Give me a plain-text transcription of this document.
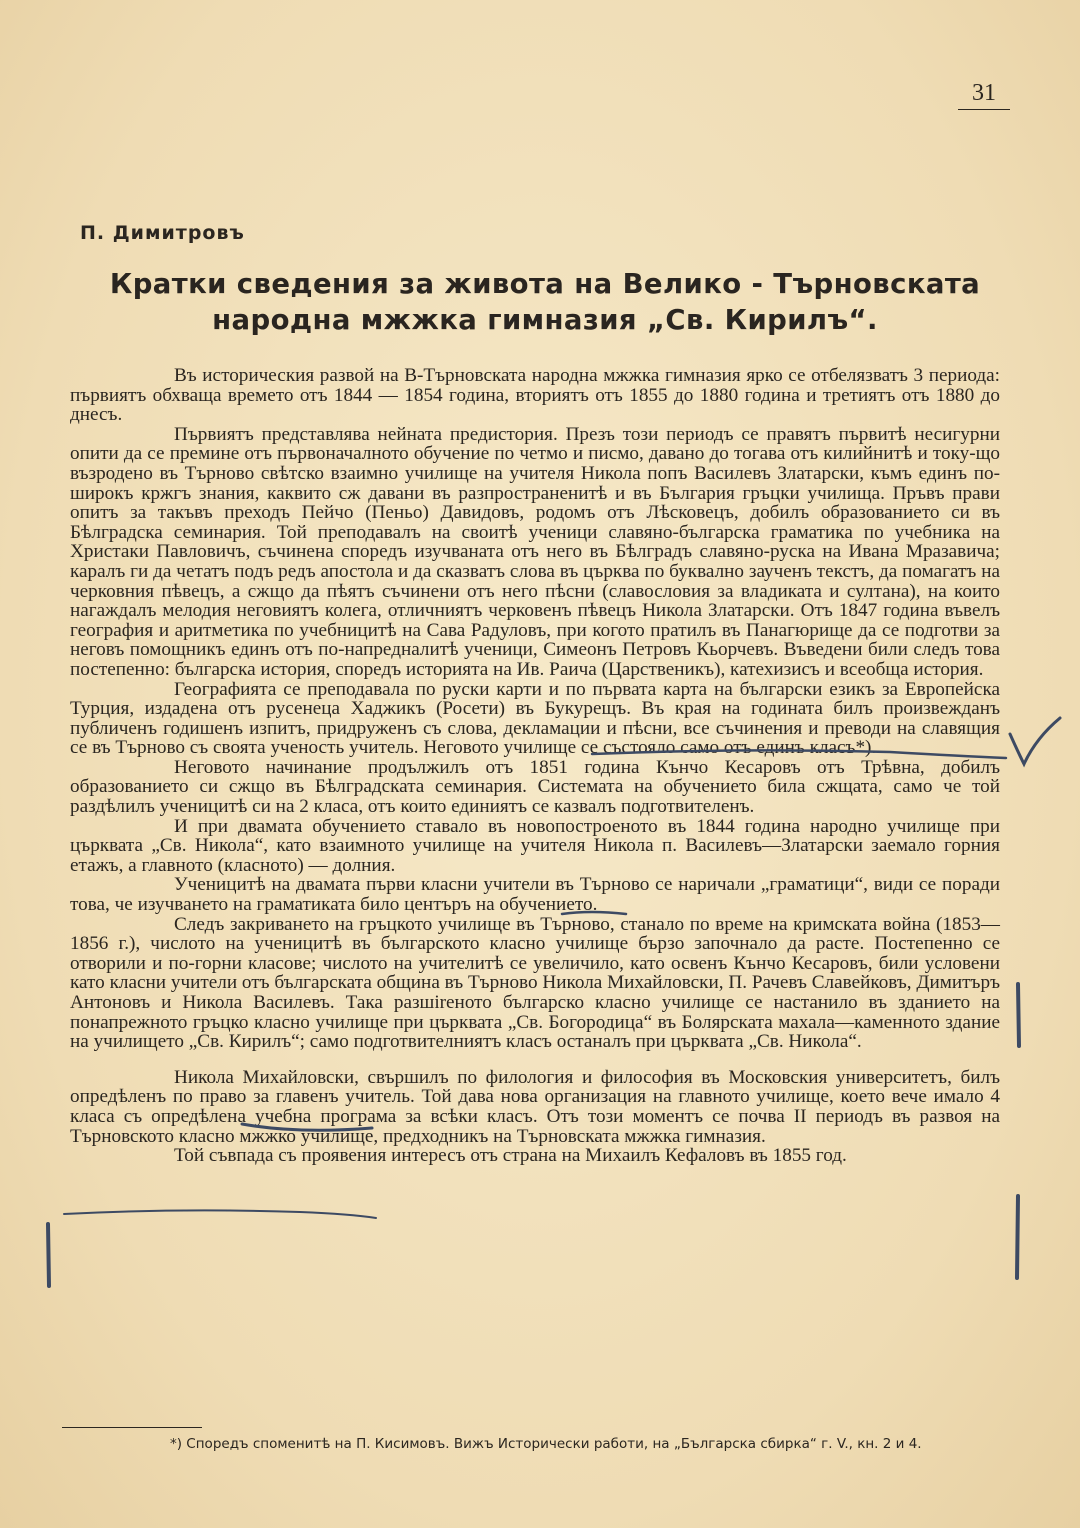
31
П. Димитровъ
Кратки сведения за животa на Велико - Търновската народна мжжка гимназия „Св. Кирилъ“.

Въ историческия развой на В-Търновската народна мжжка гимназия ярко се отбелязватъ 3 периода: първиятъ обхваща времето отъ 1844 — 1854 година, вториятъ отъ 1855 до 1880 година и третиятъ отъ 1880 до днесъ.

Първиятъ представлява нейната предистория. Презъ този периодъ се правятъ първитѣ несигурни опити да се премине отъ първоначалното обучение по четмо и писмо, давано до тогава отъ килийнитѣ и току-що възродено въ Търново свѣтско взаимно училище на учителя Никола попъ Василевъ Златарски, къмъ единъ по-широкъ кржгъ знания, каквито сж давани въ разпространенитѣ и въ България гръцки училища. Пръвъ прави опитъ за такъвъ преходъ Пейчо (Пеньо) Давидовъ, родомъ отъ Лѣсковецъ, добилъ образованието си въ Бѣлградска семинария. Той преподавалъ на своитѣ ученици славяно-българска граматика по учебника на Христаки Павловичъ, съчинена споредъ изучваната отъ него въ Бѣлградъ славяно-руска на Ивана Мразавича; каралъ ги да четатъ подъ редъ апостола и да сказватъ слова въ църква по буквално заученъ текстъ, да помагатъ на черковния пѣвецъ, а сжщо да пѣятъ съчинени отъ него пѣсни (славословия за владиката и султана), на които нагаждалъ мелодия неговиятъ колега, отличниятъ черковенъ пѣвецъ Никола Златарски. Отъ 1847 година въвелъ география и аритметика по учебницитѣ на Сава Радуловъ, при когото пратилъ въ Панагюрище да се подготви за неговъ помощникъ единъ отъ по-напредналитѣ ученици, Симеонъ Петровъ Кьорчевъ. Въведени били следъ това постепенно: българска история, споредъ историята на Ив. Раича (Царственикъ), катехизисъ и всеобща история.

Географията се преподавала по руски карти и по първата карта на български езикъ за Европейска Турция, издадена отъ русенеца Хаджикъ (Росети) въ Букурещъ. Въ края на годината билъ произвежданъ публиченъ годишенъ изпитъ, придруженъ съ слова, декламации и пѣсни, все съчинения и преводи на славящия се въ Търново съ своята ученость учитель. Неговото училище се състояло само отъ единъ класъ*).

Неговото начинание продължилъ отъ 1851 година Кънчо Кесаровъ отъ Трѣвна, добилъ образованието си сжщо въ Бѣлградската семинария. Системата на обучението била сжщата, само че той раздѣлилъ ученицитѣ си на 2 класа, отъ които единиятъ се казвалъ подготвителенъ.

И при двамата обучението ставало въ новопостроеното въ 1844 година народно училище при църквата „Св. Никола“, като взаимното училище на учителя Никола п. Василевъ—Златарски заемало горния етажъ, а главното (класното) — долния.

Ученицитѣ на двамата първи класни учители въ Търново се наричали „граматици“, види се поради това, че изучването на граматиката било центъръ на обучението.

Следъ закриването на гръцкото училище въ Търново, станало по време на кримската война (1853—1856 г.), числото на ученицитѣ въ българското класно училище бързо започнало да расте. Постепенно се отворили и по-горни класове; числото на учителитѣ се увеличило, като освенъ Кънчо Кесаровъ, били условени като класни учители отъ българската община въ Търново Никола Михайловски, П. Рачевъ Славейковъ, Димитъръ Антоновъ и Никола Василевъ. Така разшireното българско класно училище се настанило въ зданието на понапрежното гръцко класно училище при църквата „Св. Богородица“ въ Болярската махала—каменното здание на училището „Св. Кирилъ“; само подготвителниятъ класъ останалъ при църквата „Св. Никола“.

Никола Михайловски, свършилъ по филология и философия въ Московския университетъ, билъ опредѣленъ по право за главенъ учитель. Той дава нова организация на главното училище, което вече имало 4 класа съ опредѣлена учебна програма за всѣки класъ. Отъ този моментъ се почва II периодъ въ развоя на Търновското класно мжжко училище, предходникъ на Търновската мжжка гимназия.

Той съвпада съ проявения интересъ отъ страна на Михаилъ Кефаловъ въ 1855 год.

*) Споредъ споменитѣ на П. Кисимовъ. Вижъ Исторически работи, на „Българска сбирка“ г. V., кн. 2 и 4.
